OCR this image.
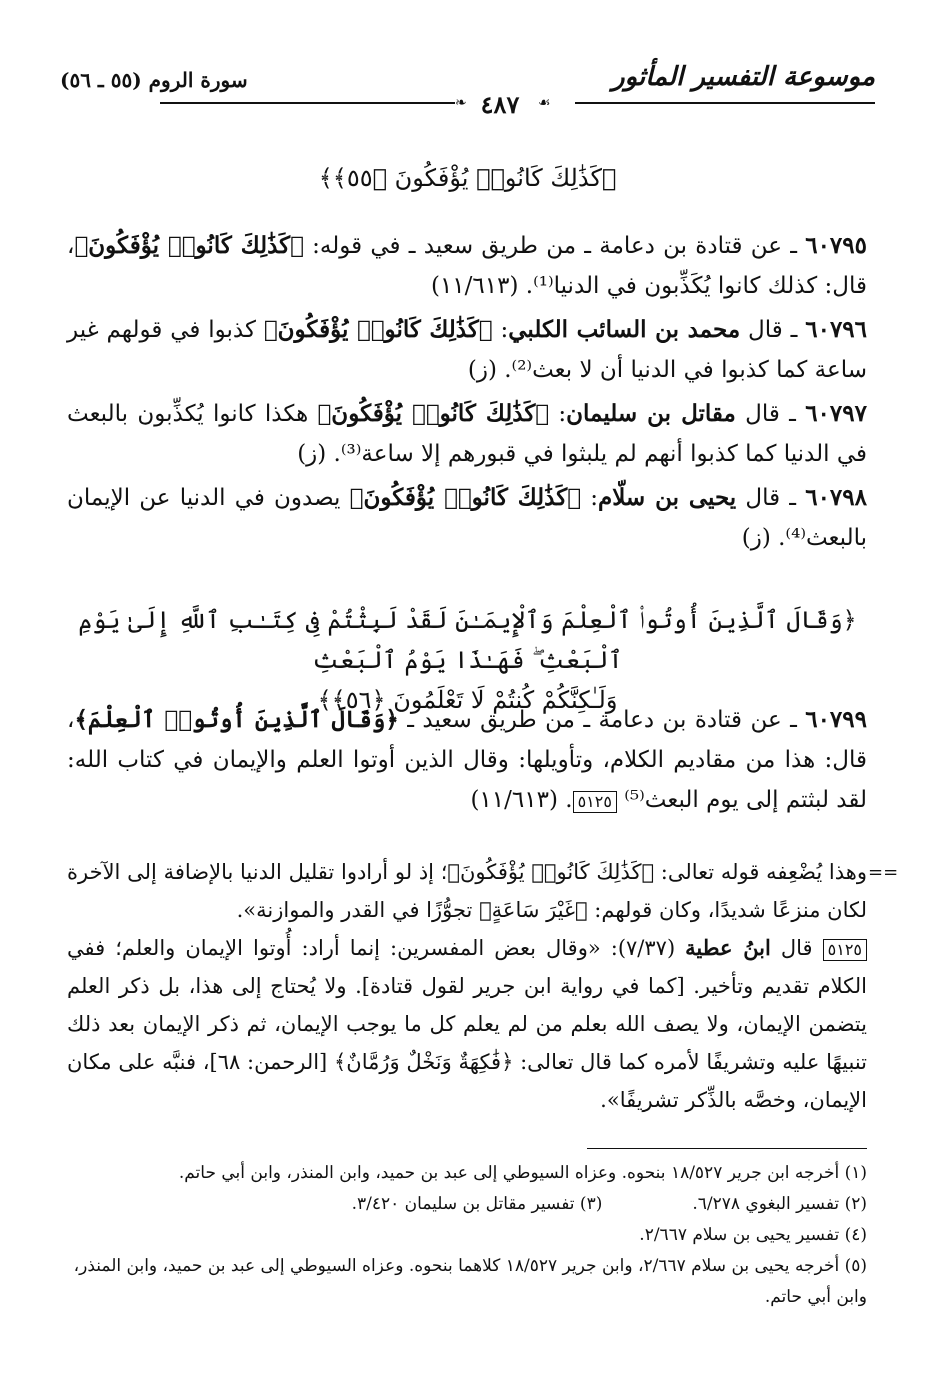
موسوعة التفسير المأثور
سورة الروم (٥٥ ـ ٥٦)
❧ ٤٨٧	☙
﴿كَذَٰلِكَ كَانُوا۟ يُؤْفَكُونَ ﴿٥٥﴾﴾
٦٠٧٩٥ ـ عن قتادة بن دعامة ـ من طريق سعيد ـ في قوله: ﴿كَذَٰلِكَ كَانُوا۟ يُؤْفَكُونَ﴾، قال: كذلك كانوا يُكَذِّبون في الدنيا⁽¹⁾. (١١/٦١٣)
٦٠٧٩٦ ـ قال محمد بن السائب الكلبي: ﴿كَذَٰلِكَ كَانُوا۟ يُؤْفَكُونَ﴾ كذبوا في قولهم غير ساعة كما كذبوا في الدنيا أن لا بعث⁽²⁾. (ز)
٦٠٧٩٧ ـ قال مقاتل بن سليمان: ﴿كَذَٰلِكَ كَانُوا۟ يُؤْفَكُونَ﴾ هكذا كانوا يُكذِّبون بالبعث في الدنيا كما كذبوا أنهم لم يلبثوا في قبورهم إلا ساعة⁽³⁾. (ز)
٦٠٧٩٨ ـ قال يحيى بن سلّام: ﴿كَذَٰلِكَ كَانُوا۟ يُؤْفَكُونَ﴾ يصدون في الدنيا عن الإيمان بالبعث⁽⁴⁾. (ز)
﴿وَقَالَ ٱلَّذِينَ أُوتُوا۟ ٱلْعِلْمَ وَٱلْإِيمَـٰنَ لَقَدْ لَبِثْتُمْ فِى كِتَـٰبِ ٱللَّهِ إِلَىٰ يَوْمِ ٱلْبَعْثِ ۖ فَهَـٰذَا يَوْمُ ٱلْبَعْثِ
وَلَـٰكِنَّكُمْ كُنتُمْ لَا تَعْلَمُونَ ﴿٥٦﴾﴾
٦٠٧٩٩ ـ عن قتادة بن دعامة ـ من طريق سعيد ـ ﴿وَقَالَ ٱلَّذِينَ أُوتُوا۟ ٱلْعِلْمَ﴾، قال: هذا من مقاديم الكلام، وتأويلها: وقال الذين أوتوا العلم والإيمان في كتاب الله: لقد لبثتم إلى يوم البعث⁽⁵⁾ ٥١٢٥. (١١/٦١٣)
==
وهذا يُضْعِفه قوله تعالى: ﴿كَذَٰلِكَ كَانُوا۟ يُؤْفَكُونَ﴾؛ إذ لو أرادوا تقليل الدنيا بالإضافة إلى الآخرة لكان منزعًا شديدًا، وكان قولهم: ﴿غَيْرَ سَاعَةٍ﴾ تجوُّزًا في القدر والموازنة».
٥١٢٥ قال ابنُ عطية (٧/٣٧): «وقال بعض المفسرين: إنما أراد: أُوتوا الإيمان والعلم؛ ففي الكلام تقديم وتأخير. [كما في رواية ابن جرير لقول قتادة]. ولا يُحتاج إلى هذا، بل ذكر العلم يتضمن الإيمان، ولا يصف الله بعلم من لم يعلم كل ما يوجب الإيمان، ثم ذكر الإيمان بعد ذلك تنبيهًا عليه وتشريفًا لأمره كما قال تعالى: ﴿فَٰكِهَةٌ وَنَخْلٌ وَرُمَّانٌ﴾ [الرحمن: ٦٨]، فنبَّه على مكان الإيمان، وخصَّه بالذِّكر تشريفًا».
(١) أخرجه ابن جرير ١٨/٥٢٧ بنحوه. وعزاه السيوطي إلى عبد بن حميد، وابن المنذر، وابن أبي حاتم.
(٢) تفسير البغوي ٦/٢٧٨.
(٣) تفسير مقاتل بن سليمان ٣/٤٢٠.
(٤) تفسير يحيى بن سلام ٢/٦٦٧.
(٥) أخرجه يحيى بن سلام ٢/٦٦٧، وابن جرير ١٨/٥٢٧ كلاهما بنحوه. وعزاه السيوطي إلى عبد بن حميد، وابن المنذر، وابن أبي حاتم.
